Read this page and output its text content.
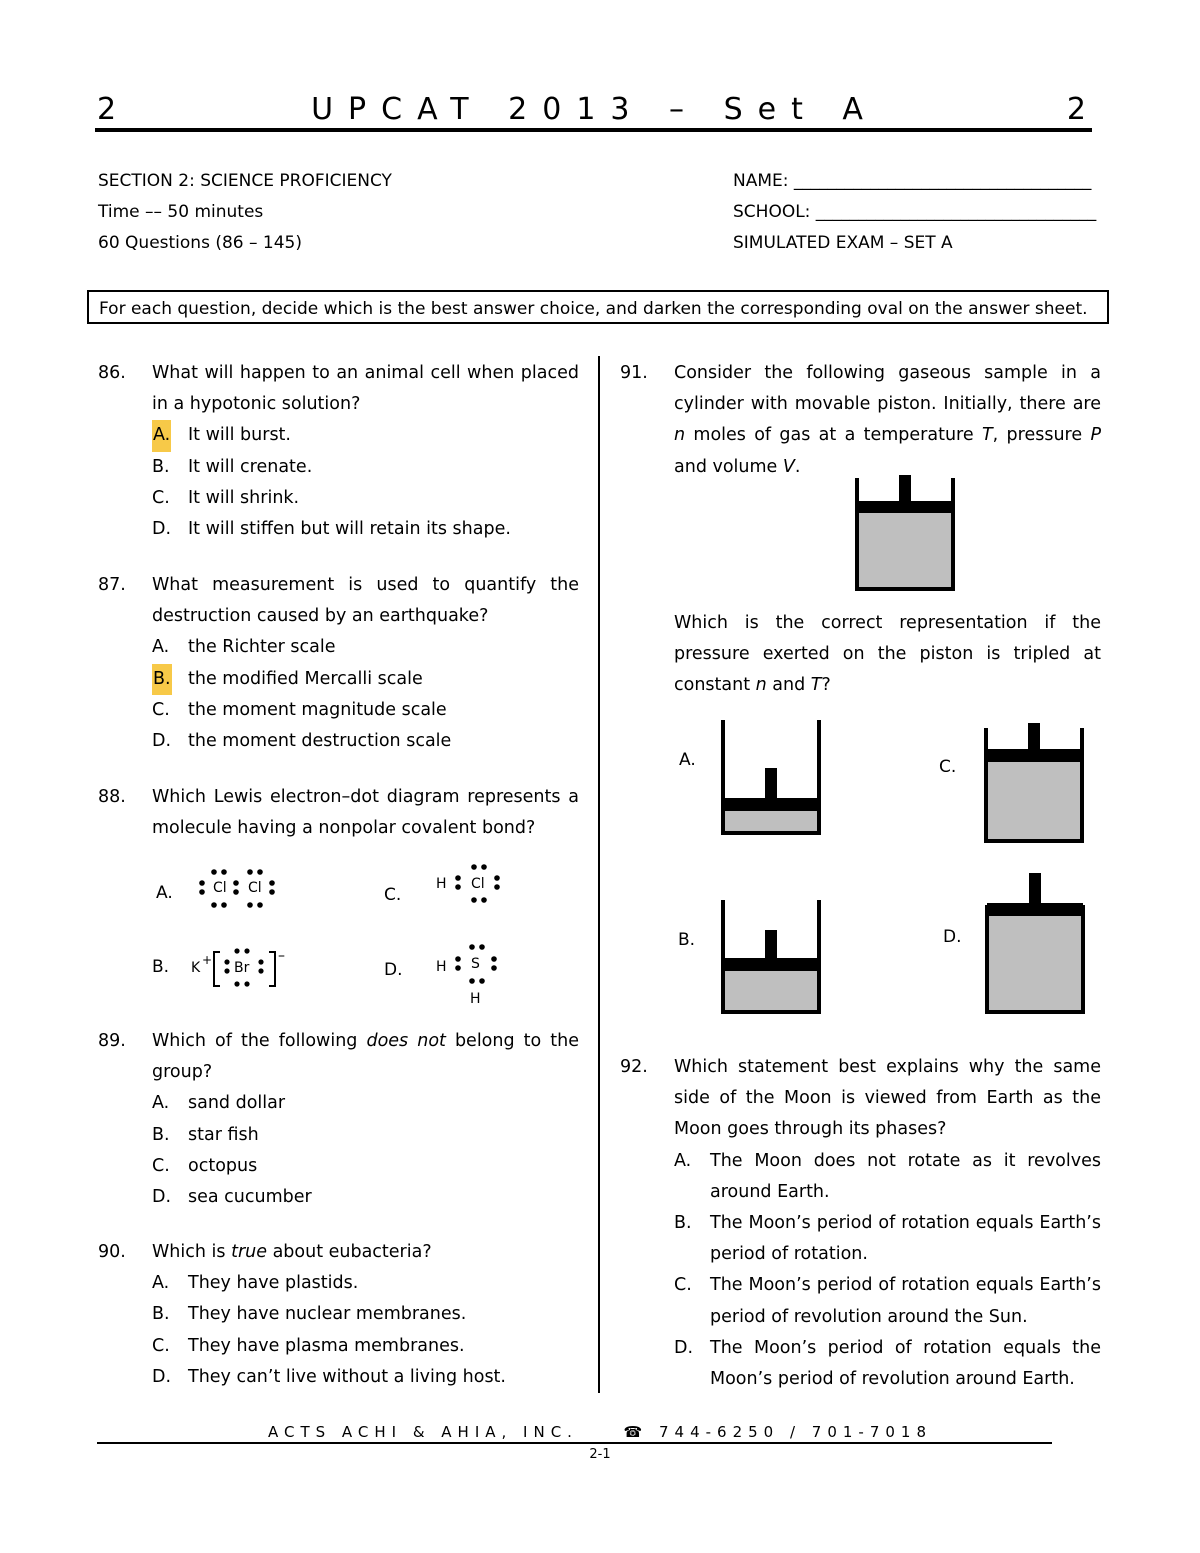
2	UPCAT 2013 – Set A	2
SECTION 2: SCIENCE PROFICIENCY
Time –– 50 minutes
60 Questions (86 – 145)
NAME: ___________________________________
SCHOOL: _________________________________
SIMULATED EXAM – SET A
For each question, decide which is the best answer choice, and darken the corresponding oval on the answer sheet.
86. What will happen to an animal cell when placed in a hypotonic solution?
A. It will burst.
B. It will crenate.
C. It will shrink.
D. It will stiffen but will retain its shape.
87. What measurement is used to quantify the destruction caused by an earthquake?
A. the Richter scale
B. the modified Mercalli scale
C. the moment magnitude scale
D. the moment destruction scale
88. Which Lewis electron–dot diagram represents a molecule having a nonpolar covalent bond?
A.
B.
C.
D.
Cl Cl	H Cl
K + Br
–
H S
H
89. Which of the following does not belong to the group?
A. sand dollar
B. star fish
C. octopus
D. sea cucumber
90. Which is true about eubacteria?
A. They have plastids.
B. They have nuclear membranes.
C. They have plasma membranes.
D. They can’t live without a living host.
91. Consider the following gaseous sample in a cylinder with movable piston. Initially, there are n moles of gas at a temperature T, pressure P and volume V.
Which is the correct representation if the pressure exerted on the piston is tripled at constant n and T?
A.	C.
B.	D.
92. Which statement best explains why the same side of the Moon is viewed from Earth as the Moon goes through its phases?
A. The Moon does not rotate as it revolves around Earth.
B. The Moon’s period of rotation equals Earth’s period of rotation.
C. The Moon’s period of rotation equals Earth’s period of revolution around the Sun.
D. The Moon’s period of rotation equals the Moon’s period of revolution around Earth.
ACTS ACHI & AHIA, INC.	☎ 744-6250 / 701-7018
2-1
